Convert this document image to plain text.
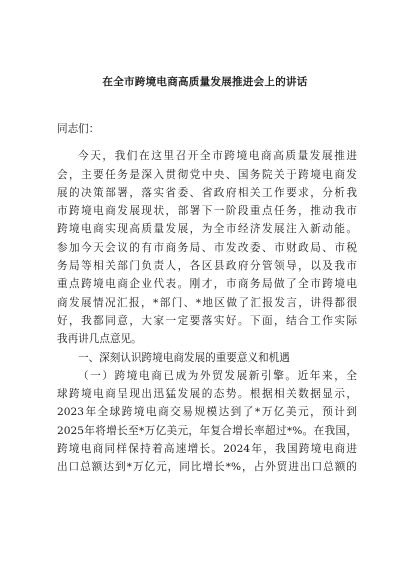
在全市跨境电商高质量发展推进会上的讲话
同志们：
今天，我们在这里召开全市跨境电商高质量发展推进
会，主要任务是深入贯彻党中央、国务院关于跨境电商发
展的决策部署，落实省委、省政府相关工作要求，分析我
市跨境电商发展现状，部署下一阶段重点任务，推动我市
跨境电商实现高质量发展，为全市经济发展注入新动能。
参加今天会议的有市商务局、市发改委、市财政局、市税
务局等相关部门负责人，各区县政府分管领导，以及我市
重点跨境电商企业代表。刚才，市商务局做了全市跨境电
商发展情况汇报，*部门、*地区做了汇报发言，讲得都很
好，我都同意，大家一定要落实好。下面，结合工作实际
我再讲几点意见。
一、深刻认识跨境电商发展的重要意义和机遇
（一）跨境电商已成为外贸发展新引擎。近年来，全
球跨境电商呈现出迅猛发展的态势。根据相关数据显示，
2023年全球跨境电商交易规模达到了*万亿美元，预计到
2025年将增长至*万亿美元，年复合增长率超过*%。在我国，
跨境电商同样保持着高速增长。2024年，我国跨境电商进
出口总额达到*万亿元，同比增长*%，占外贸进出口总额的
